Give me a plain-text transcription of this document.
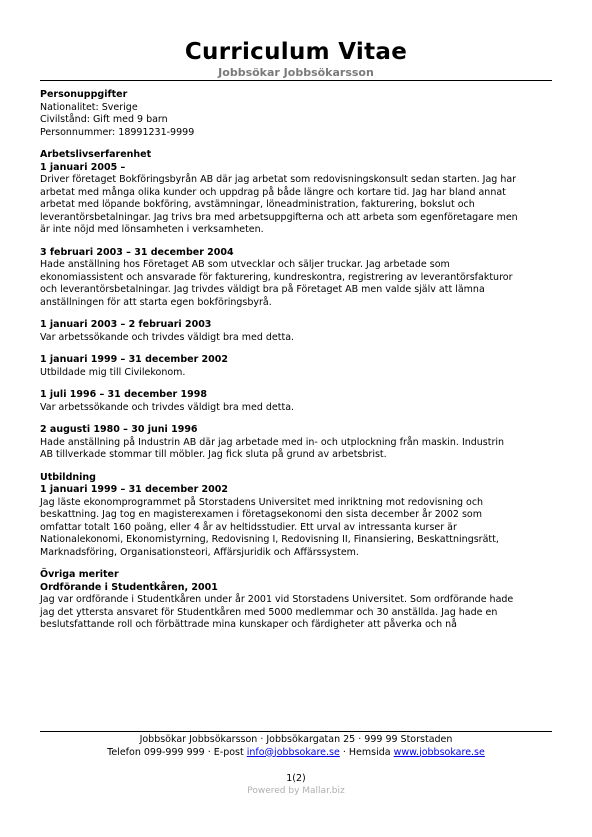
Curriculum Vitae
Jobbsökar Jobbsökarsson

Personuppgifter

Nationalitet: Sverige

Civilstånd: Gift med 9 barn

Personnummer: 18991231-9999

Arbetslivserfarenhet

1 januari 2005 –

Driver företaget Bokföringsbyrån AB där jag arbetat som redovisningskonsult sedan starten. Jag har

arbetat med många olika kunder och uppdrag på både längre och kortare tid. Jag har bland annat

arbetat med löpande bokföring, avstämningar, löneadministration, fakturering, bokslut och

leverantörsbetalningar. Jag trivs bra med arbetsuppgifterna och att arbeta som egenföretagare men

är inte nöjd med lönsamheten i verksamheten.

3 februari 2003 – 31 december 2004

Hade anställning hos Företaget AB som utvecklar och säljer truckar. Jag arbetade som

ekonomiassistent och ansvarade för fakturering, kundreskontra, registrering av leverantörsfakturor

och leverantörsbetalningar. Jag trivdes väldigt bra på Företaget AB men valde själv att lämna

anställningen för att starta egen bokföringsbyrå.

1 januari 2003 – 2 februari 2003

Var arbetssökande och trivdes väldigt bra med detta.

1 januari 1999 – 31 december 2002

Utbildade mig till Civilekonom.

1 juli 1996 – 31 december 1998

Var arbetssökande och trivdes väldigt bra med detta.

2 augusti 1980 – 30 juni 1996

Hade anställning på Industrin AB där jag arbetade med in- och utplockning från maskin. Industrin

AB tillverkade stommar till möbler. Jag fick sluta på grund av arbetsbrist.

Utbildning

1 januari 1999 – 31 december 2002

Jag läste ekonomprogrammet på Storstadens Universitet med inriktning mot redovisning och

beskattning. Jag tog en magisterexamen i företagsekonomi den sista december år 2002 som

omfattar totalt 160 poäng, eller 4 år av heltidsstudier. Ett urval av intressanta kurser är

Nationalekonomi, Ekonomistyrning, Redovisning I, Redovisning II, Finansiering, Beskattningsrätt,

Marknadsföring, Organisationsteori, Affärsjuridik och Affärssystem.

Övriga meriter

Ordförande i Studentkåren, 2001

Jag var ordförande i Studentkåren under år 2001 vid Storstadens Universitet. Som ordförande hade

jag det yttersta ansvaret för Studentkåren med 5000 medlemmar och 30 anställda. Jag hade en

beslutsfattande roll och förbättrade mina kunskaper och färdigheter att påverka och nå

Jobbsökar Jobbsökarsson · Jobbsökargatan 25 · 999 99 Storstaden
Telefon 099-999 999 · E-post info@jobbsokare.se · Hemsida www.jobbsokare.se
1(2)
Powered by Mallar.biz
